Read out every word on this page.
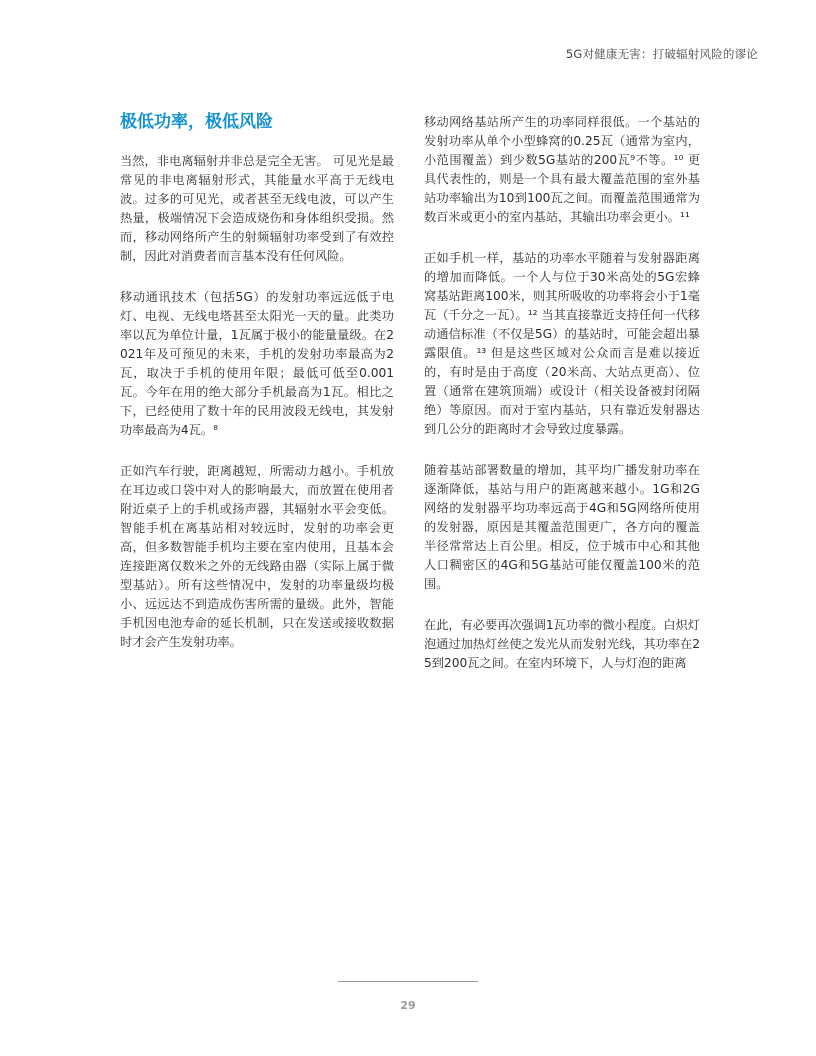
5G对健康无害：打破辐射风险的谬论
极低功率，极低风险

当然，非电离辐射并非总是完全无害。 可见光是最常见的非电离辐射形式，其能量水平高于无线电波。过多的可见光，或者甚至无线电波，可以产生热量，极端情况下会造成烧伤和身体组织受损。然而，移动网络所产生的射频辐射功率受到了有效控制，因此对消费者而言基本没有任何风险。

移动通讯技术（包括5G）的发射功率远远低于电灯、电视、无线电塔甚至太阳光一天的量。此类功率以瓦为单位计量，1瓦属于极小的能量量级。在2021年及可预见的未来，手机的发射功率最高为2瓦，取决于手机的使用年限；最低可低至0.001瓦。今年在用的绝大部分手机最高为1瓦。相比之下，已经使用了数十年的民用波段无线电，其发射功率最高为4瓦。⁸

正如汽车行驶，距离越短，所需动力越小。手机放在耳边或口袋中对人的影响最大，而放置在使用者附近桌子上的手机或扬声器，其辐射水平会变低。智能手机在离基站相对较远时，发射的功率会更高，但多数智能手机均主要在室内使用，且基本会连接距离仅数米之外的无线路由器（实际上属于微型基站）。所有这些情况中，发射的功率量级均极小、远远达不到造成伤害所需的量级。此外，智能手机因电池寿命的延长机制，只在发送或接收数据时才会产生发射功率。

移动网络基站所产生的功率同样很低。一个基站的发射功率从单个小型蜂窝的0.25瓦（通常为室内，小范围覆盖）到少数5G基站的200瓦⁹不等。¹⁰ 更具代表性的，则是一个具有最大覆盖范围的室外基站功率输出为10到100瓦之间。而覆盖范围通常为数百米或更小的室内基站，其输出功率会更小。¹¹

正如手机一样，基站的功率水平随着与发射器距离的增加而降低。一个人与位于30米高处的5G宏蜂窝基站距离100米，则其所吸收的功率将会小于1毫瓦（千分之一瓦）。¹² 当其直接靠近支持任何一代移动通信标准（不仅是5G）的基站时，可能会超出暴露限值。¹³ 但是这些区域对公众而言是难以接近的，有时是由于高度（20米高、大站点更高）、位置（通常在建筑顶端）或设计（相关设备被封闭隔绝）等原因。而对于室内基站，只有靠近发射器达到几公分的距离时才会导致过度暴露。

随着基站部署数量的增加，其平均广播发射功率在逐渐降低，基站与用户的距离越来越小。1G和2G网络的发射器平均功率远高于4G和5G网络所使用的发射器，原因是其覆盖范围更广，各方向的覆盖半径常常达上百公里。相反，位于城市中心和其他人口稠密区的4G和5G基站可能仅覆盖100米的范围。

在此，有必要再次强调1瓦功率的微小程度。白炽灯泡通过加热灯丝使之发光从而发射光线，其功率在25到200瓦之间。在室内环境下，人与灯泡的距离

29
